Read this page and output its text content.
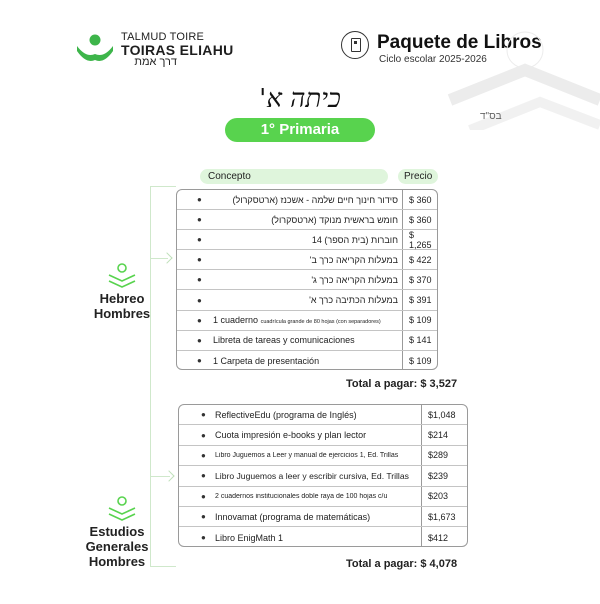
TALMUD TOIRE
TOIRAS ELIAHU
דרך אמת
Paquete de Libros
Ciclo escolar 2025-2026
בס"ד
כיתה א'
1° Primaria
Concepto	Precio
Hebreo
Hombres
●	סידור חינוך חיים שלמה - אשכנז (ארטסקרול)	$ 360
●	חומש בראשית מנוקד (ארטסקרול)	$ 360
●	חוברות (בית הספר) 14	$ 1,265
●	במעלות הקריאה כרך ב'	$ 422
●	במעלות הקריאה כרך ג'	$ 370
●	במעלות הכתיבה כרך א'	$ 391
● 1 cuaderno cuadrícula grande de 80 hojas (con separadores)	$ 109
● Libreta de tareas y comunicaciones	$ 141
● 1 Carpeta de presentación	$ 109
Total a pagar: $ 3,527
Estudios
Generales
Hombres
● ReflectiveEdu (programa de Inglés)	$1,048
● Cuota impresión e-books y plan lector	$214
● Libro Juguemos a Leer y manual de ejercicios 1, Ed. Trillas	$289
● Libro Juguemos a leer y escribir cursiva, Ed. Trillas	$239
● 2 cuadernos institucionales doble raya de 100 hojas c/u	$203
● Innovamat (programa de matemáticas)	$1,673
● Libro EnigMath 1	$412
Total a pagar: $ 4,078
